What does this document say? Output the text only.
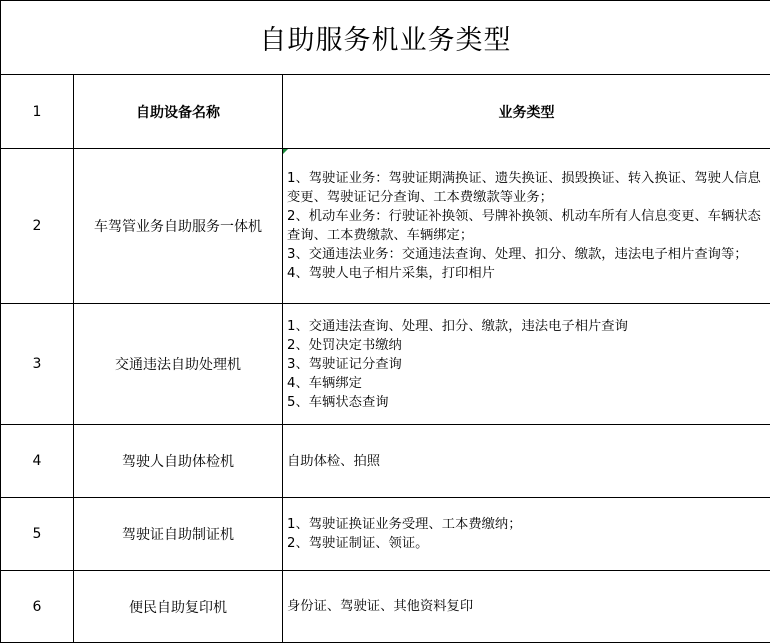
自助服务机业务类型		
1	自助设备名称	业务类型
2	车驾管业务自助服务一体机	1、驾驶证业务：驾驶证期满换证、遗失换证、损毁换证、转入换证、驾驶人信息变更、驾驶证记分查询、工本费缴款等业务；
2、机动车业务：行驶证补换领、号牌补换领、机动车所有人信息变更、车辆状态查询、工本费缴款、车辆绑定；
3、交通违法业务：交通违法查询、处理、扣分、缴款，违法电子相片查询等；
4、驾驶人电子相片采集，打印相片

3	交通违法自助处理机	1、交通违法查询、处理、扣分、缴款，违法电子相片查询
2、处罚决定书缴纳
3、驾驶证记分查询
4、车辆绑定
5、车辆状态查询

4	驾驶人自助体检机	自助体检、拍照

5	驾驶证自助制证机	1、驾驶证换证业务受理、工本费缴纳；
2、驾驶证制证、领证。

6	便民自助复印机	身份证、驾驶证、其他资料复印
